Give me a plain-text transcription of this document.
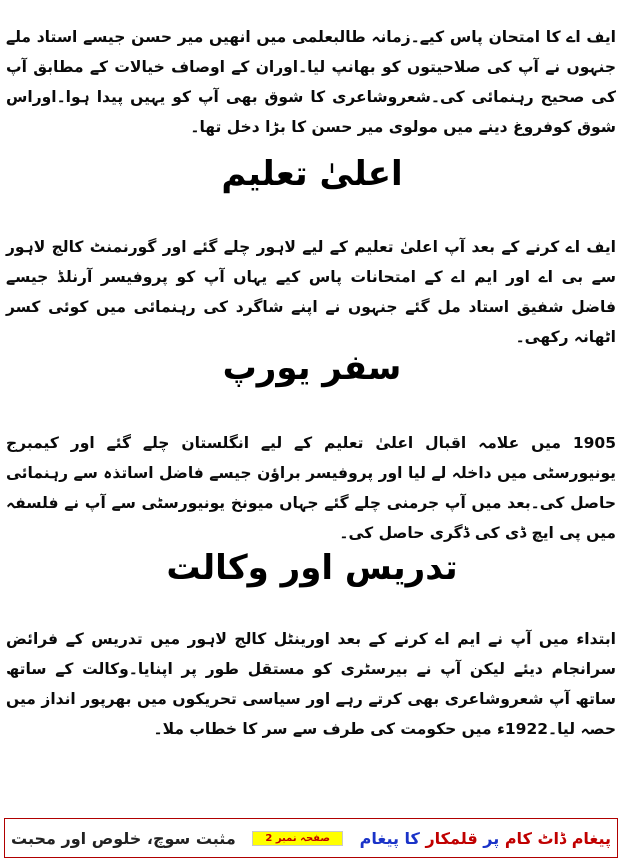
ایف اے کا امتحان پاس کیے۔زمانہ طالبعلمی میں انھیں میر حسن جیسے استاد ملے جنہوں نے آپ کی صلاحیتوں کو بھانپ لیا۔اوران کے اوصاف خیالات کے مطابق آپ کی صحیح رہنمائی کی۔شعروشاعری کا شوق بھی آپ کو یہیں پیدا ہوا۔اوراس شوق کوفروغ دینے میں مولوی میر حسن کا بڑا دخل تھا۔

اعلیٰ تعلیم

ایف اے کرنے کے بعد آپ اعلیٰ تعلیم کے لیے لاہور چلے گئے اور گورنمنٹ کالج لاہور سے بی اے اور ایم اے کے امتحانات پاس کیے یہاں آپ کو پروفیسر آرنلڈ جیسے فاضل شفیق استاد مل گئے جنہوں نے اپنے شاگرد کی رہنمائی میں کوئی کسر اٹھانہ رکھی۔

سفر یورپ

1905 میں علامہ اقبال اعلیٰ تعلیم کے لیے انگلستان چلے گئے اور کیمبرج یونیورسٹی میں داخلہ لے لیا اور پروفیسر براؤن جیسے فاضل اساتذہ سے رہنمائی حاصل کی۔بعد میں آپ جرمنی چلے گئے جہاں میونخ یونیورسٹی سے آپ نے فلسفہ میں پی ایچ ڈی کی ڈگری حاصل کی۔

تدریس اور وکالت

ابتداء میں آپ نے ایم اے کرنے کے بعد اورینٹل کالج لاہور میں تدریس کے فرائض سرانجام دیئے لیکن آپ نے بیرسٹری کو مستقل طور پر اپنایا۔وکالت کے ساتھ ساتھ آپ شعروشاعری بھی کرتے رہے اور سیاسی تحریکوں میں بھرپور انداز میں حصہ لیا۔1922ء میں حکومت کی طرف سے سر کا خطاب ملا۔

مثبت سوچ، خلوص اور محبت	صفحہ نمبر 2	پیغام ڈاٹ کام پر قلمکار کا پیغام
